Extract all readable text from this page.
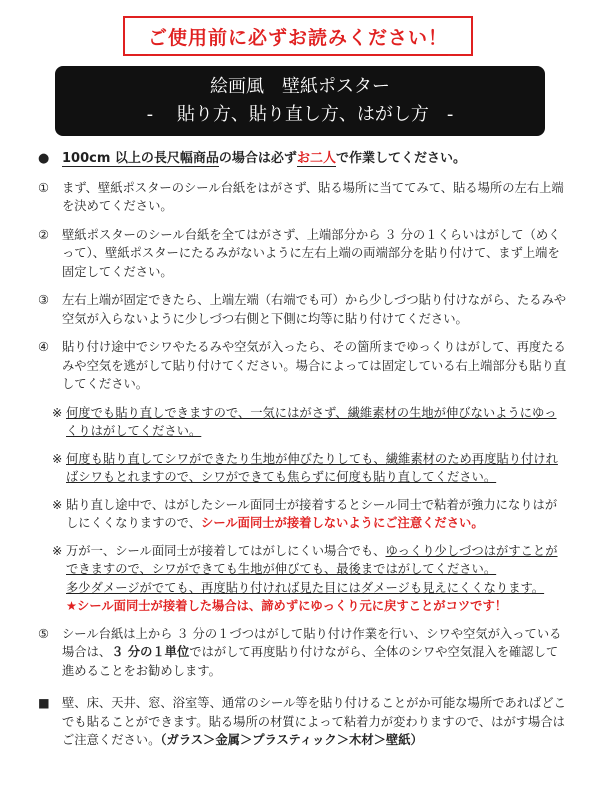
ご使用前に必ずお読みください！
絵画風　壁紙ポスター
-　 貼り方、貼り直し方、はがし方　-
● 100cm 以上の長尺幅商品の場合は必ずお二人で作業してください。
①	まず、壁紙ポスターのシール台紙をはがさず、貼る場所に当ててみて、貼る場所の左右上端を決めてください。
②	壁紙ポスターのシール台紙を全てはがさず、上端部分から ３ 分の１くらいはがして（めくって）、壁紙ポスターにたるみがないように左右上端の両端部分を貼り付けて、まず上端を固定してください。
③	左右上端が固定できたら、上端左端（右端でも可）から少しづつ貼り付けながら、たるみや空気が入らないように少しづつ右側と下側に均等に貼り付けてください。
④	貼り付け途中でシワやたるみや空気が入ったら、その箇所までゆっくりはがして、再度たるみや空気を逃がして貼り付けてください。場合によっては固定している右上端部分も貼り直してください。
※ 何度でも貼り直しできますので、一気にはがさず、繊維素材の生地が伸びないようにゆっくりはがしてください。
※ 何度も貼り直してシワができたり生地が伸びたりしても、繊維素材のため再度貼り付ければシワもとれますので、シワができても焦らずに何度も貼り直してください。
※ 貼り直し途中で、はがしたシール面同士が接着するとシール同士で粘着が強力になりはがしにくくなりますので、シール面同士が接着しないようにご注意ください。
※ 万が一、シール面同士が接着してはがしにくい場合でも、ゆっくり少しづつはがすことができますので、シワができても生地が伸びても、最後まではがしてください。
多少ダメージがでても、再度貼り付ければ見た目にはダメージも見えにくくなります。
★シール面同士が接着した場合は、諦めずにゆっくり元に戻すことがコツです！
⑤	シール台紙は上から ３ 分の１づつはがして貼り付け作業を行い、シワや空気が入っている場合は、３ 分の１単位ではがして再度貼り付けながら、全体のシワや空気混入を確認して進めることをお勧めします。
■	壁、床、天井、窓、浴室等、通常のシール等を貼り付けることがか可能な場所であればどこでも貼ることができます。貼る場所の材質によって粘着力が変わりますので、はがす場合はご注意ください。（ガラス＞金属＞プラスティック＞木材＞壁紙）
